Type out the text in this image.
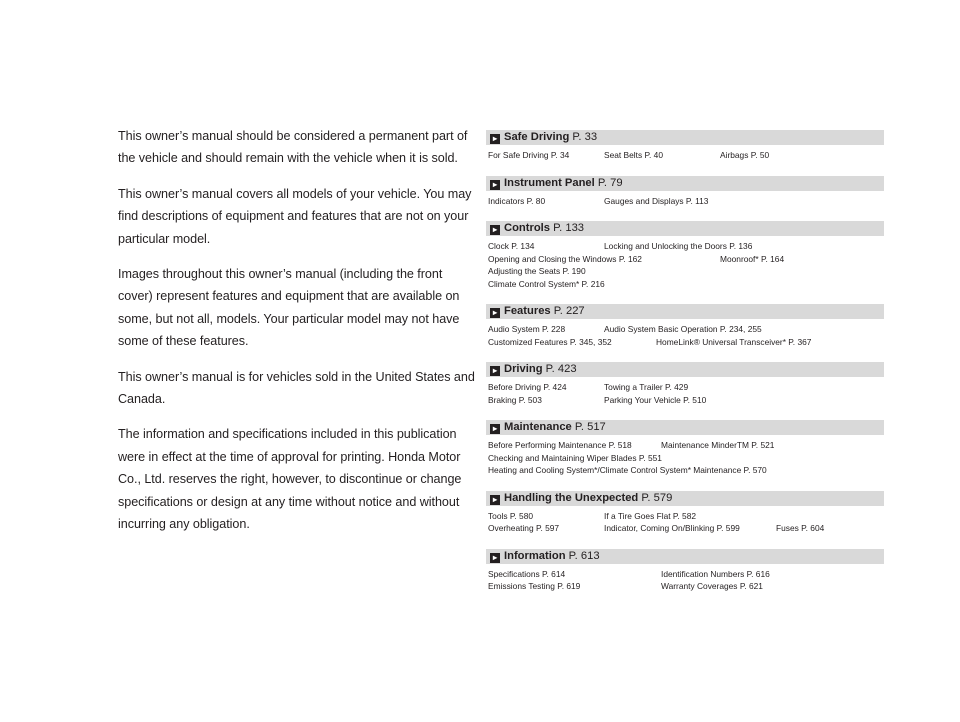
This owner’s manual should be considered a permanent part of the vehicle and should remain with the vehicle when it is sold.

This owner’s manual covers all models of your vehicle. You may find descriptions of equipment and features that are not on your particular model.

Images throughout this owner’s manual (including the front cover) represent features and equipment that are available on some, but not all, models. Your particular model may not have some of these features.

This owner’s manual is for vehicles sold in the United States and Canada.

The information and specifications included in this publication were in effect at the time of approval for printing. Honda Motor Co., Ltd. reserves the right, however, to discontinue or change specifications or design at any time without notice and without incurring any obligation.

▸ Safe Driving P. 33
For Safe Driving P. 34	Seat Belts P. 40	Airbags P. 50
▸ Instrument Panel P. 79
Indicators P. 80	Gauges and Displays P. 113
▸ Controls P. 133
Clock P. 134	Locking and Unlocking the Doors P. 136
Opening and Closing the Windows P. 162	Moonroof* P. 164
Adjusting the Seats P. 190
Climate Control System* P. 216
▸ Features P. 227
Audio System P. 228	Audio System Basic Operation P. 234, 255
Customized Features P. 345, 352	HomeLink® Universal Transceiver* P. 367
▸ Driving P. 423
Before Driving P. 424	Towing a Trailer P. 429
Braking P. 503	Parking Your Vehicle P. 510
▸ Maintenance P. 517
Before Performing Maintenance P. 518	Maintenance MinderTM P. 521
Checking and Maintaining Wiper Blades P. 551
Heating and Cooling System*/Climate Control System* Maintenance P. 570
▸ Handling the Unexpected P. 579
Tools P. 580	If a Tire Goes Flat P. 582
Overheating P. 597	Indicator, Coming On/Blinking P. 599	Fuses P. 604
▸ Information P. 613
Specifications P. 614	Identification Numbers P. 616
Emissions Testing P. 619	Warranty Coverages P. 621
